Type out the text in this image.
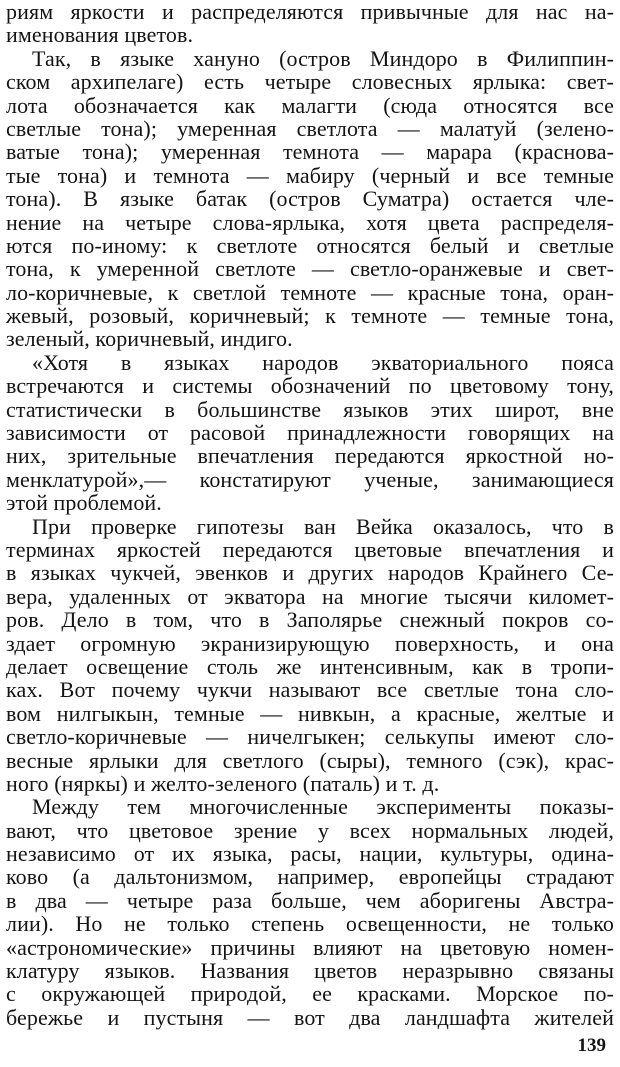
риям яркости и распределяются привычные для нас на-
именования цветов.
Так, в языке ханунo (остров Миндоро в Филиппин-
ском архипелаге) есть четыре словесных ярлыка: свет-
лота обозначается как малагти (сюда относятся все
светлые тона); умеренная светлота — малатуй (зелено-
ватые тона); умеренная темнота — марара (краснова-
тые тона) и темнота — мабиру (черный и все темные
тона). В языке батак (остров Суматра) остается чле-
нение на четыре слова-ярлыка, хотя цвета распределя-
ются по-иному: к светлоте относятся белый и светлые
тона, к умеренной светлоте — светло-оранжевые и свет-
ло-коричневые, к светлой темноте — красные тона, оран-
жевый, розовый, коричневый; к темноте — темные тона,
зеленый, коричневый, индиго.
«Хотя в языках народов экваториального пояса
встречаются и системы обозначений по цветовому тону,
статистически в большинстве языков этих широт, вне
зависимости от расовой принадлежности говорящих на
них, зрительные впечатления передаются яркостной но-
менклатурой»,— констатируют ученые, занимающиеся
этой проблемой.
При проверке гипотезы ван Вейка оказалось, что в
терминах яркостей передаются цветовые впечатления и
в языках чукчей, эвенков и других народов Крайнего Се-
вера, удаленных от экватора на многие тысячи километ-
ров. Дело в том, что в Заполярье снежный покров со-
здает огромную экранизирующую поверхность, и она
делает освещение столь же интенсивным, как в тропи-
ках. Вот почему чукчи называют все светлые тона сло-
вом нилгыкын, темные — нивкын, а красные, желтые и
светло-коричневые — ничелгыкен; селькупы имеют сло-
весные ярлыки для светлого (сыры), темного (сэк), крас-
ного (няркы) и желто-зеленого (паталь) и т. д.
Между тем многочисленные эксперименты показы-
вают, что цветовое зрение у всех нормальных людей,
независимо от их языка, расы, нации, культуры, одина-
ково (а дальтонизмом, например, европейцы страдают
в два — четыре раза больше, чем аборигены Австра-
лии). Но не только степень освещенности, не только
«астрономические» причины влияют на цветовую номен-
клатуру языков. Названия цветов неразрывно связаны
с окружающей природой, ее красками. Морское по-
бережье и пустыня — вот два ландшафта жителей
139
